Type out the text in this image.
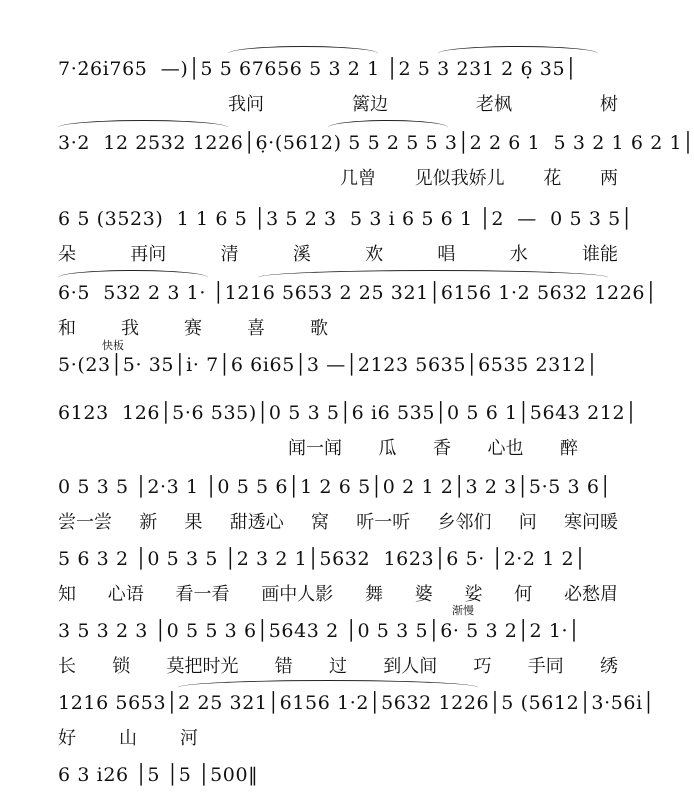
7·2̇6i̇765  —)│5 5 67656 5 3 2 1 │2 5 3 231 2 6̣ 35│
我问	篱边	老枫	树
3·2  12 2532 1226│6̣·(5612) 5 5 2 5 5 3│2 2 6 1  5 3 2 1 6 2 1│
几曾 见似我娇儿 花 两
6 5 (3523)  1 1 6 5 │3 5 2 3  5 3 i 6 5 6 1 │2  —  0 5 3 5│
朵	再问	清	溪	欢	唱	水	谁能
6·5  532 2 3 1· │1216 5653 2 25 321│6156 1·2 5632 1226│
和	我	赛	喜	歌
快板
5·(23│5· 35│i· 7│6 6i65│3 —│2123 5635│6535 2312│
6123  126│5·6 535)│0 5 3 5│6 i6 535│0 5 6 1│5643 212│
闻一闻 瓜 香 心也 醉
0 5 3 5 │2·3 1 │0 5 5 6│1 2 6 5│0 2 1 2│3 2 3│5·5 3 6│
尝一尝 新 果 甜透心 窝 听一听 乡邻们 问 寒问暖
5 6 3 2 │0 5 3 5 │2 3 2 1│5632  1623│6 5· │2·2 1 2│
知 心语 看一看 画中人影 舞 婆 娑 何 必愁眉
渐慢
3 5 3 2 3 │0 5 5 3 6│5643 2 │0 5 3 5│6· 5 3 2│2 1·│
长 锁 莫把时光 错 过 到人间 巧 手同 绣
1216 5653│2 25 321│6156 1·2│5632 1226│5 (5612│3·56i│
好 山 河
6 3 i26 │5 │5 │500‖
